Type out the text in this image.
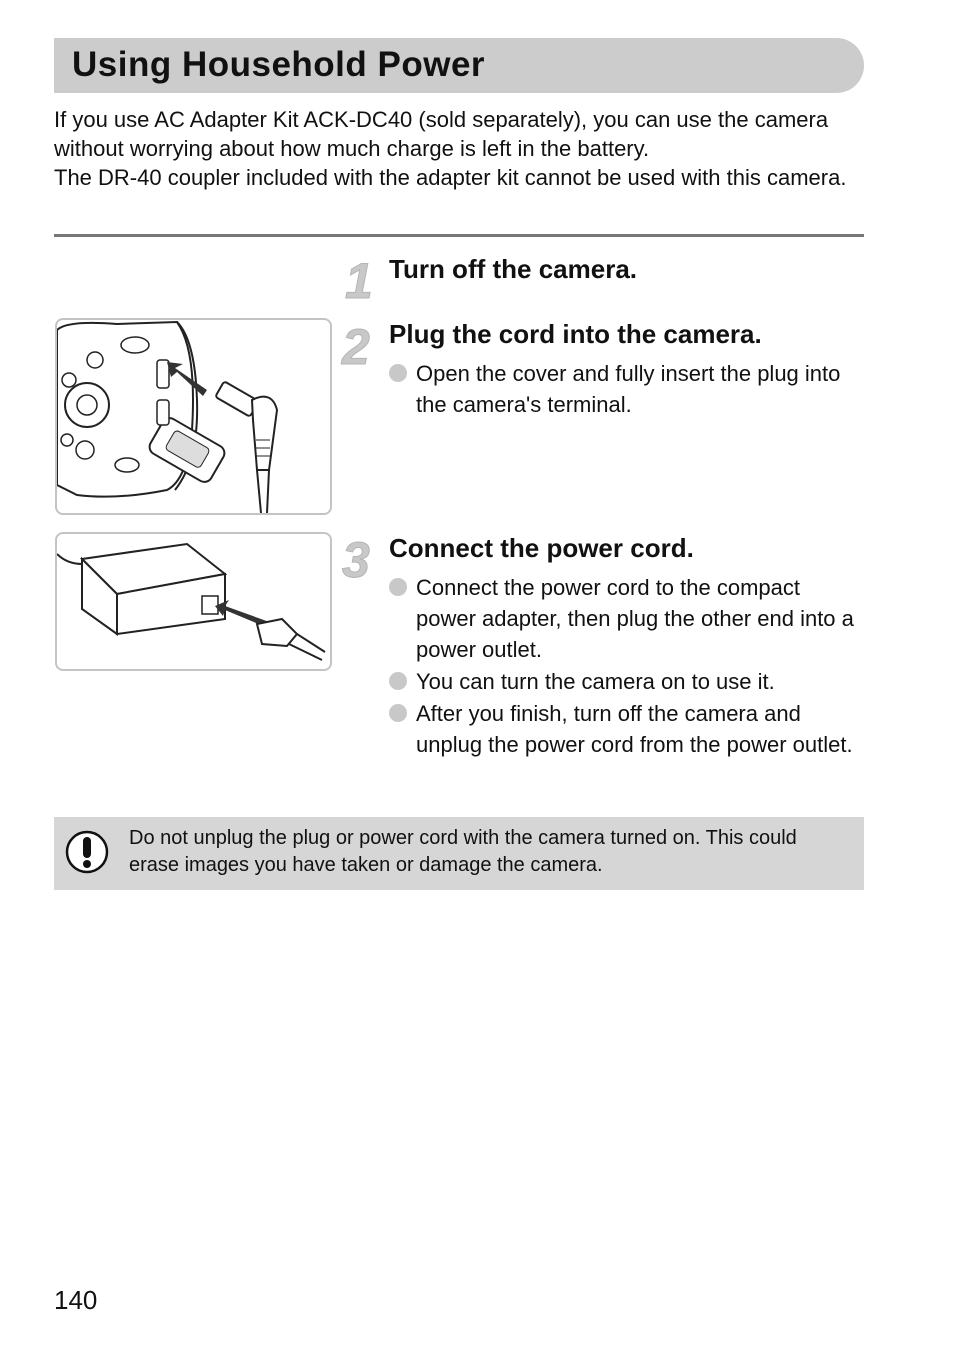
Using Household Power

If you use AC Adapter Kit ACK-DC40 (sold separately), you can use the camera without worrying about how much charge is left in the battery.

The DR-40 coupler included with the adapter kit cannot be used with this camera.

1 Turn off the camera.
2 Plug the cord into the camera.
Open the cover and fully insert the plug into the camera's terminal.
3 Connect the power cord.
Connect the power cord to the compact power adapter, then plug the other end into a power outlet.
You can turn the camera on to use it.
After you finish, turn off the camera and unplug the power cord from the power outlet.
Do not unplug the plug or power cord with the camera turned on. This could erase images you have taken or damage the camera.
140
